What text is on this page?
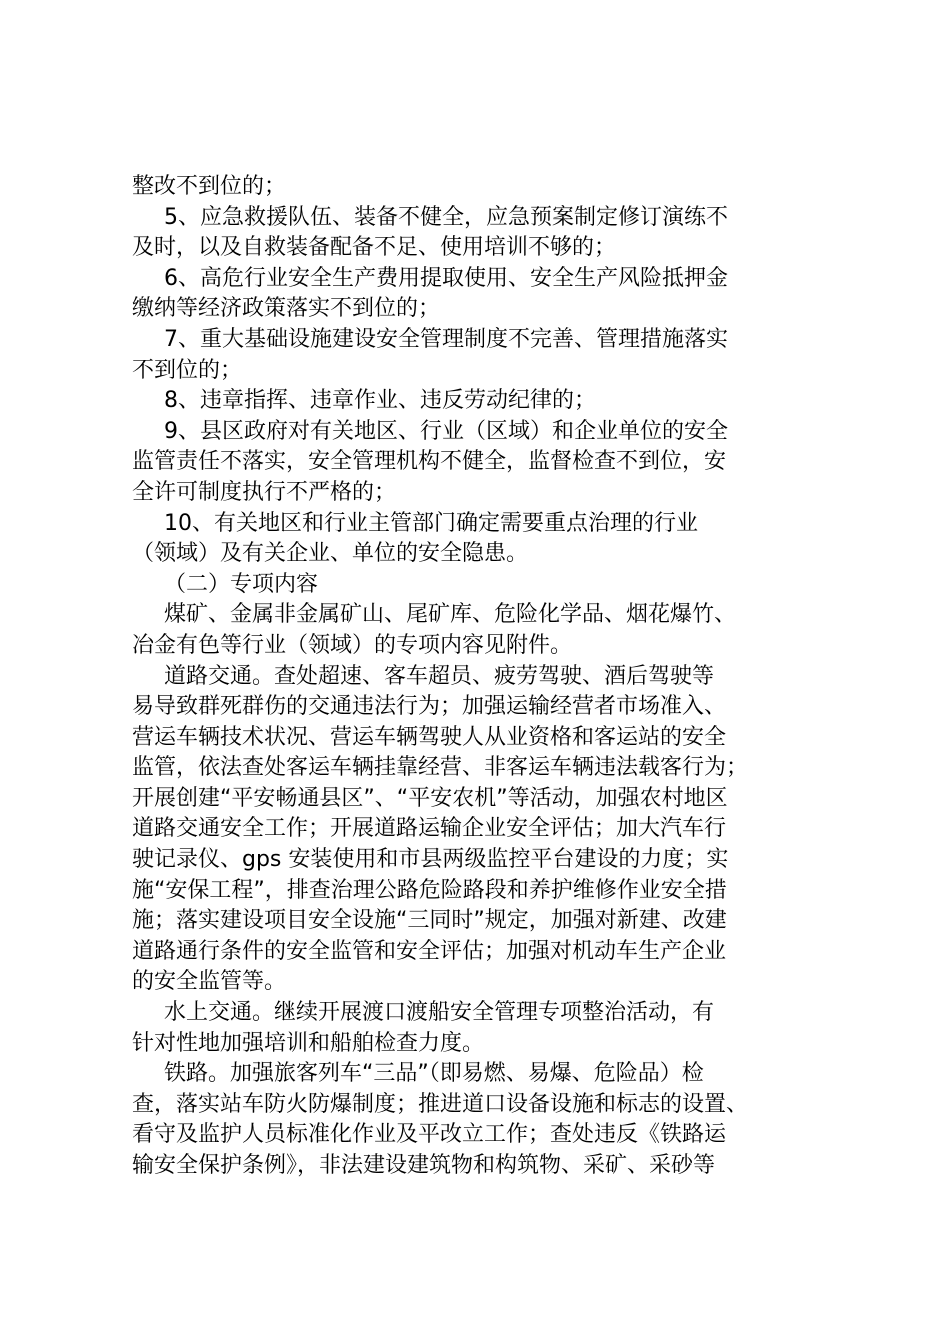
整改不到位的；
5、应急救援队伍、装备不健全，应急预案制定修订演练不
及时，以及自救装备配备不足、使用培训不够的；
6、高危行业安全生产费用提取使用、安全生产风险抵押金
缴纳等经济政策落实不到位的；
7、重大基础设施建设安全管理制度不完善、管理措施落实
不到位的；
8、违章指挥、违章作业、违反劳动纪律的；
9、县区政府对有关地区、行业（区域）和企业单位的安全
监管责任不落实，安全管理机构不健全，监督检查不到位，安
全许可制度执行不严格的；
10、有关地区和行业主管部门确定需要重点治理的行业
（领域）及有关企业、单位的安全隐患。
（二）专项内容
煤矿、金属非金属矿山、尾矿库、危险化学品、烟花爆竹、
冶金有色等行业（领域）的专项内容见附件。
道路交通。查处超速、客车超员、疲劳驾驶、酒后驾驶等
易导致群死群伤的交通违法行为；加强运输经营者市场准入、
营运车辆技术状况、营运车辆驾驶人从业资格和客运站的安全
监管，依法查处客运车辆挂靠经营、非客运车辆违法载客行为；
开展创建“平安畅通县区”、“平安农机”等活动，加强农村地区
道路交通安全工作；开展道路运输企业安全评估；加大汽车行
驶记录仪、gps 安装使用和市县两级监控平台建设的力度；实
施“安保工程”，排查治理公路危险路段和养护维修作业安全措
施；落实建设项目安全设施“三同时”规定，加强对新建、改建
道路通行条件的安全监管和安全评估；加强对机动车生产企业
的安全监管等。
水上交通。继续开展渡口渡船安全管理专项整治活动，有
针对性地加强培训和船舶检查力度。
铁路。加强旅客列车“三品”（即易燃、易爆、危险品）检
查，落实站车防火防爆制度；推进道口设备设施和标志的设置、
看守及监护人员标准化作业及平改立工作；查处违反《铁路运
输安全保护条例》，非法建设建筑物和构筑物、采矿、采砂等
